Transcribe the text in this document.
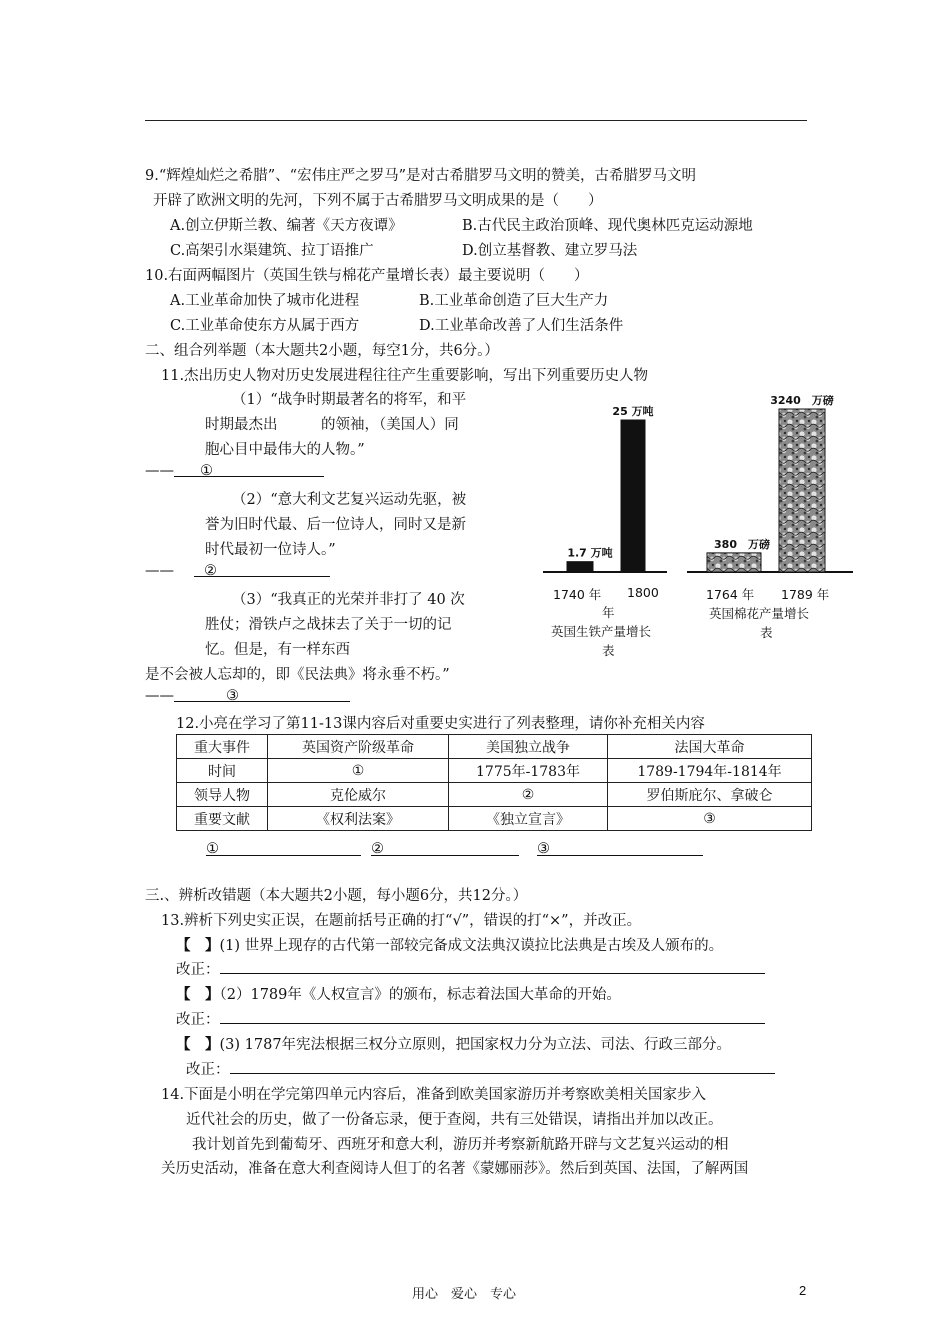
9.“辉煌灿烂之希腊”、“宏伟庄严之罗马”是对古希腊罗马文明的赞美，古希腊罗马文明
开辟了欧洲文明的先河，下列不属于古希腊罗马文明成果的是（　　）
A.创立伊斯兰教、编著《天方夜谭》	B.古代民主政治顶峰、现代奥林匹克运动源地
C.高架引水渠建筑、拉丁语推广	D.创立基督教、建立罗马法
10.右面两幅图片（英国生铁与棉花产量增长表）最主要说明（　　）
A.工业革命加快了城市化进程	B.工业革命创造了巨大生产力
C.工业革命使东方从属于西方	D.工业革命改善了人们生活条件
二、组合列举题（本大题共2小题，每空1分，共6分。）
11.杰出历史人物对历史发展进程往往产生重要影响，写出下列重要历史人物
（1）“战争时期最著名的将军，和平
时期最杰出　　　的领袖，（美国人）同
胞心目中最伟大的人物。”
—— ①
（2）“意大利文艺复兴运动先驱，被
誉为旧时代最、后一位诗人，同时又是新
时代最初一位诗人。”
—— ②
（3）“我真正的光荣并非打了 40 次
胜仗；滑铁卢之战抹去了关于一切的记
忆。但是，有一样东西
是不会被人忘却的，即《民法典》将永垂不朽。”
——	③
1.7 万吨
25 万吨
380　万磅
3240　万磅
1740 年 1800
年
英国生铁产量增长
表
1764 年 1789 年
英国棉花产量增长
表
12.小亮在学习了第11-13课内容后对重要史实进行了列表整理，请你补充相关内容
重大事件	英国资产阶级革命	美国独立战争	法国大革命
时间	①	1775年-1783年	1789-1794年-1814年
领导人物	克伦威尔	②	罗伯斯庇尔、拿破仑
重要文献	《权利法案》	《独立宣言》	③
①	②	③
三.、辨析改错题（本大题共2小题，每小题6分，共12分。）
13.辨析下列史实正误，在题前括号正确的打“√”，错误的打“×”，并改正。
【　】(1) 世界上现存的古代第一部较完备成文法典汉谟拉比法典是古埃及人颁布的。
改正：
【　】（2）1789年《人权宣言》的颁布，标志着法国大革命的开始。
改正：
【　】(3) 1787年宪法根据三权分立原则，把国家权力分为立法、司法、行政三部分。
改正：
14.下面是小明在学完第四单元内容后，准备到欧美国家游历并考察欧美相关国家步入
近代社会的历史，做了一份备忘录，便于查阅，共有三处错误，请指出并加以改正。
我计划首先到葡萄牙、西班牙和意大利，游历并考察新航路开辟与文艺复兴运动的相
关历史活动，准备在意大利查阅诗人但丁的名著《蒙娜丽莎》。然后到英国、法国，了解两国
用心　爱心　专心	2
